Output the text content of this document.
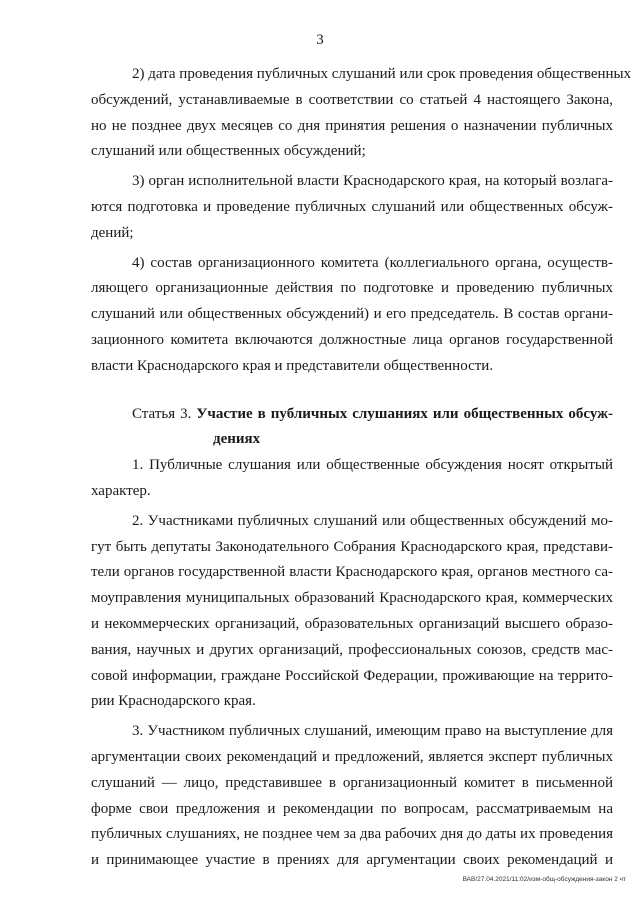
3
2) дата проведения публичных слушаний или срок проведения общественных
обсуждений, устанавливаемые в соответствии со статьей 4 настоящего Закона,
но не позднее двух месяцев со дня принятия решения о назначении публичных
слушаний или общественных обсуждений;
3) орган исполнительной власти Краснодарского края, на который возлага-
ются подготовка и проведение публичных слушаний или общественных обсуж-
дений;
4) состав организационного комитета (коллегиального органа, осуществ-
ляющего организационные действия по подготовке и проведению публичных
слушаний или общественных обсуждений) и его председатель. В состав органи-
зационного комитета включаются должностные лица органов государственной
власти Краснодарского края и представители общественности.
Статья 3. Участие в публичных слушаниях или общественных обсуж-
дениях
1. Публичные слушания или общественные обсуждения носят открытый
характер.
2. Участниками публичных слушаний или общественных обсуждений мо-
гут быть депутаты Законодательного Собрания Краснодарского края, представи-
тели органов государственной власти Краснодарского края, органов местного са-
моуправления муниципальных образований Краснодарского края, коммерческих
и некоммерческих организаций, образовательных организаций высшего образо-
вания, научных и других организаций, профессиональных союзов, средств мас-
совой информации, граждане Российской Федерации, проживающие на террито-
рии Краснодарского края.
3. Участником публичных слушаний, имеющим право на выступление для
аргументации своих рекомендаций и предложений, является эксперт публичных
слушаний — лицо, представившее в организационный комитет в письменной
форме свои предложения и рекомендации по вопросам, рассматриваемым на
публичных слушаниях, не позднее чем за два рабочих дня до даты их проведения
и принимающее участие в прениях для аргументации своих рекомендаций и
ВАВ/27.04.2021/11:02/изм-общ-обсуждения-закон 2 чт
